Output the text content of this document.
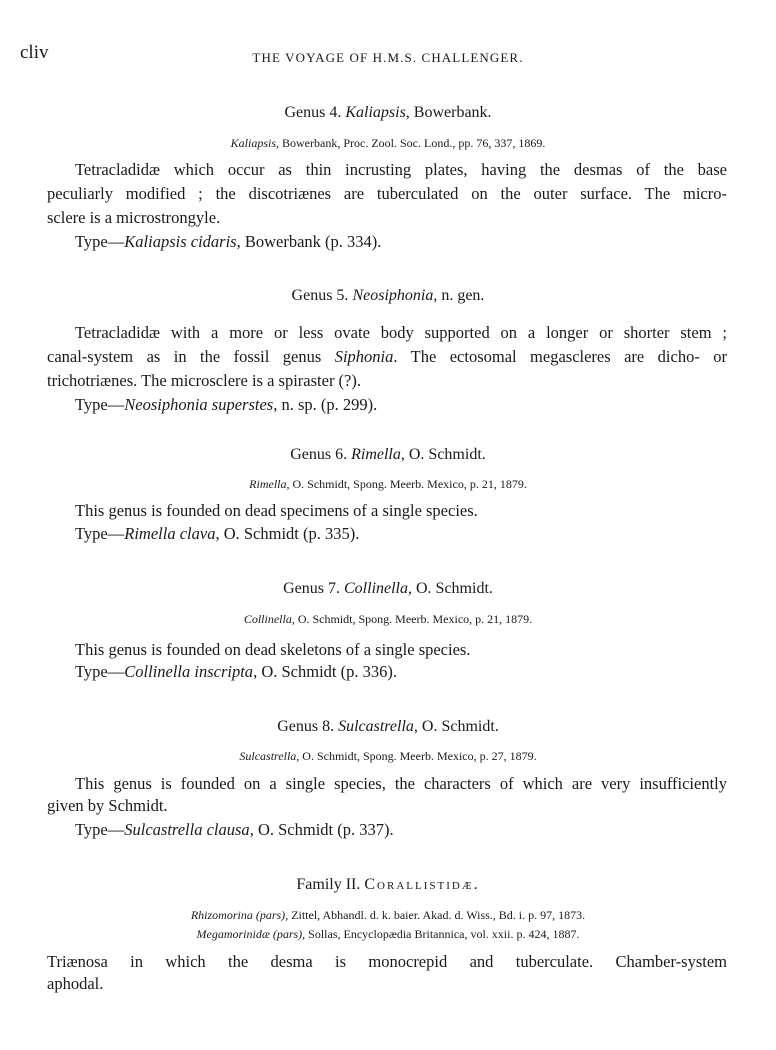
cliv	THE VOYAGE OF H.M.S. CHALLENGER.
Genus 4. Kaliapsis, Bowerbank.
Kaliapsis, Bowerbank, Proc. Zool. Soc. Lond., pp. 76, 337, 1869.
Tetracladidæ which occur as thin incrusting plates, having the desmas of the base
peculiarly modified ; the discotriænes are tuberculated on the outer surface. The micro-
sclere is a microstrongyle.
Type—Kaliapsis cidaris, Bowerbank (p. 334).
Genus 5. Neosiphonia, n. gen.
Tetracladidæ with a more or less ovate body supported on a longer or shorter stem ;
canal-system as in the fossil genus Siphonia. The ectosomal megascleres are dicho- or
trichotriænes. The microsclere is a spiraster (?).
Type—Neosiphonia superstes, n. sp. (p. 299).
Genus 6. Rimella, O. Schmidt.
Rimella, O. Schmidt, Spong. Meerb. Mexico, p. 21, 1879.
This genus is founded on dead specimens of a single species.
Type—Rimella clava, O. Schmidt (p. 335).
Genus 7. Collinella, O. Schmidt.
Collinella, O. Schmidt, Spong. Meerb. Mexico, p. 21, 1879.
This genus is founded on dead skeletons of a single species.
Type—Collinella inscripta, O. Schmidt (p. 336).
Genus 8. Sulcastrella, O. Schmidt.
Sulcastrella, O. Schmidt, Spong. Meerb. Mexico, p. 27, 1879.
This genus is founded on a single species, the characters of which are very insufficiently
given by Schmidt.
Type—Sulcastrella clausa, O. Schmidt (p. 337).
Family II. Corallistidæ.
Rhizomorina (pars), Zittel, Abhandl. d. k. baier. Akad. d. Wiss., Bd. i. p. 97, 1873.
Megamorinidæ (pars), Sollas, Encyclopædia Britannica, vol. xxii. p. 424, 1887.
Triænosa in which the desma is monocrepid and tuberculate. Chamber-system
aphodal.
